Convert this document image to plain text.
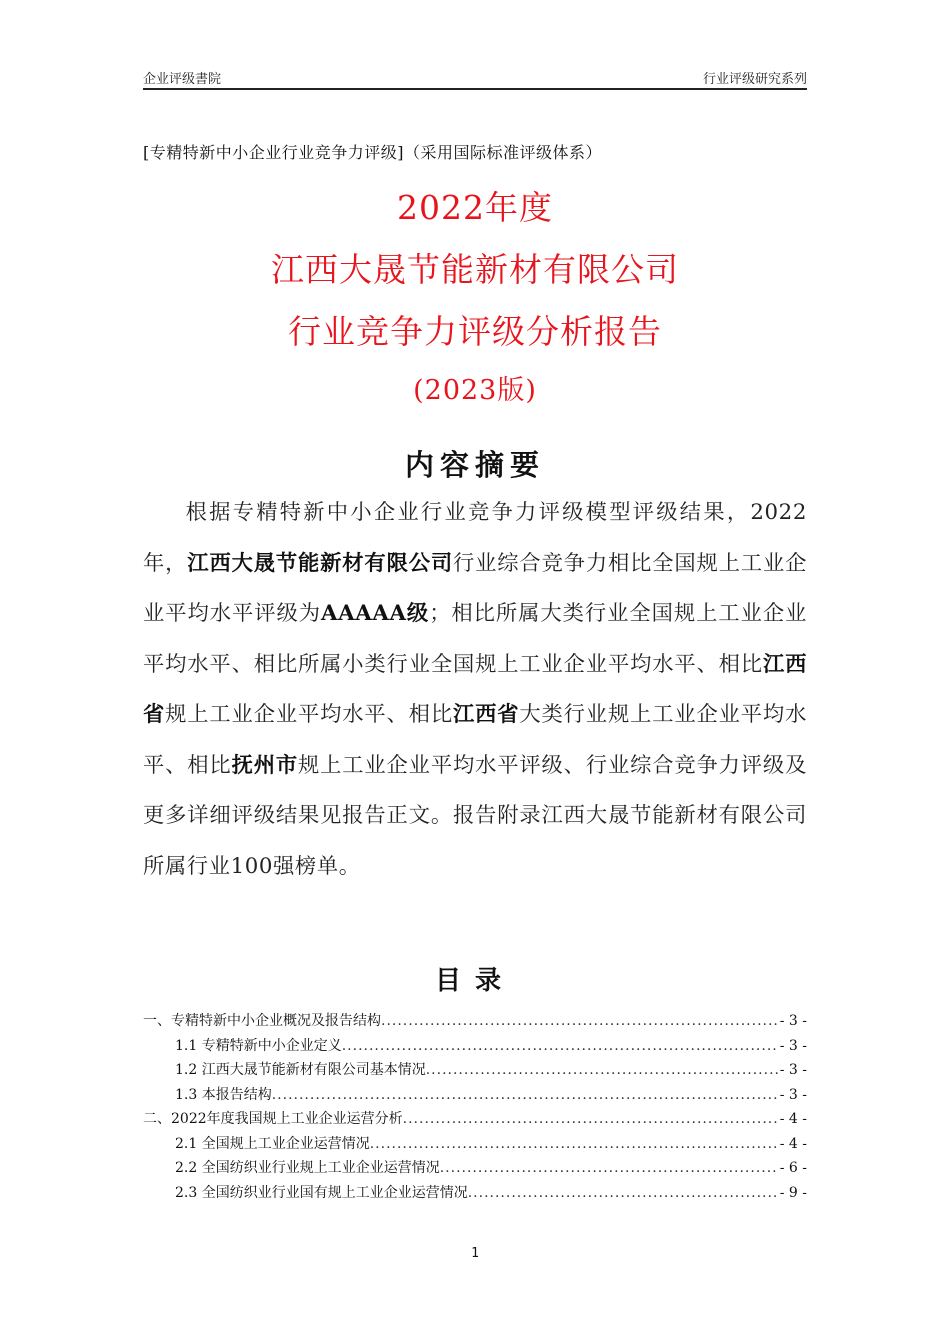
企业评级書院	行业评级研究系列
[专精特新中小企业行业竞争力评级]（采用国际标准评级体系）
2022年度
江西大晟节能新材有限公司
行业竞争力评级分析报告
(2023版)
内容摘要
根据专精特新中小企业行业竞争力评级模型评级结果，2022年，江西大晟节能新材有限公司行业综合竞争力相比全国规上工业企业平均水平评级为AAAAA级；相比所属大类行业全国规上工业企业平均水平、相比所属小类行业全国规上工业企业平均水平、相比江西省规上工业企业平均水平、相比江西省大类行业规上工业企业平均水平、相比抚州市规上工业企业平均水平评级、行业综合竞争力评级及更多详细评级结果见报告正文。报告附录江西大晟节能新材有限公司所属行业100强榜单。
目录
一、专精特新中小企业概况及报告结构 .....	- 3 -
1.1 专精特新中小企业定义 .....	- 3 -
1.2 江西大晟节能新材有限公司基本情况 .....	- 3 -
1.3 本报告结构 .....	- 3 -
二、2022年度我国规上工业企业运营分析 .....	- 4 -
2.1 全国规上工业企业运营情况 .....	- 4 -
2.2 全国纺织业行业规上工业企业运营情况 .....	- 6 -
2.3 全国纺织业行业国有规上工业企业运营情况 .....	- 9 -
1
